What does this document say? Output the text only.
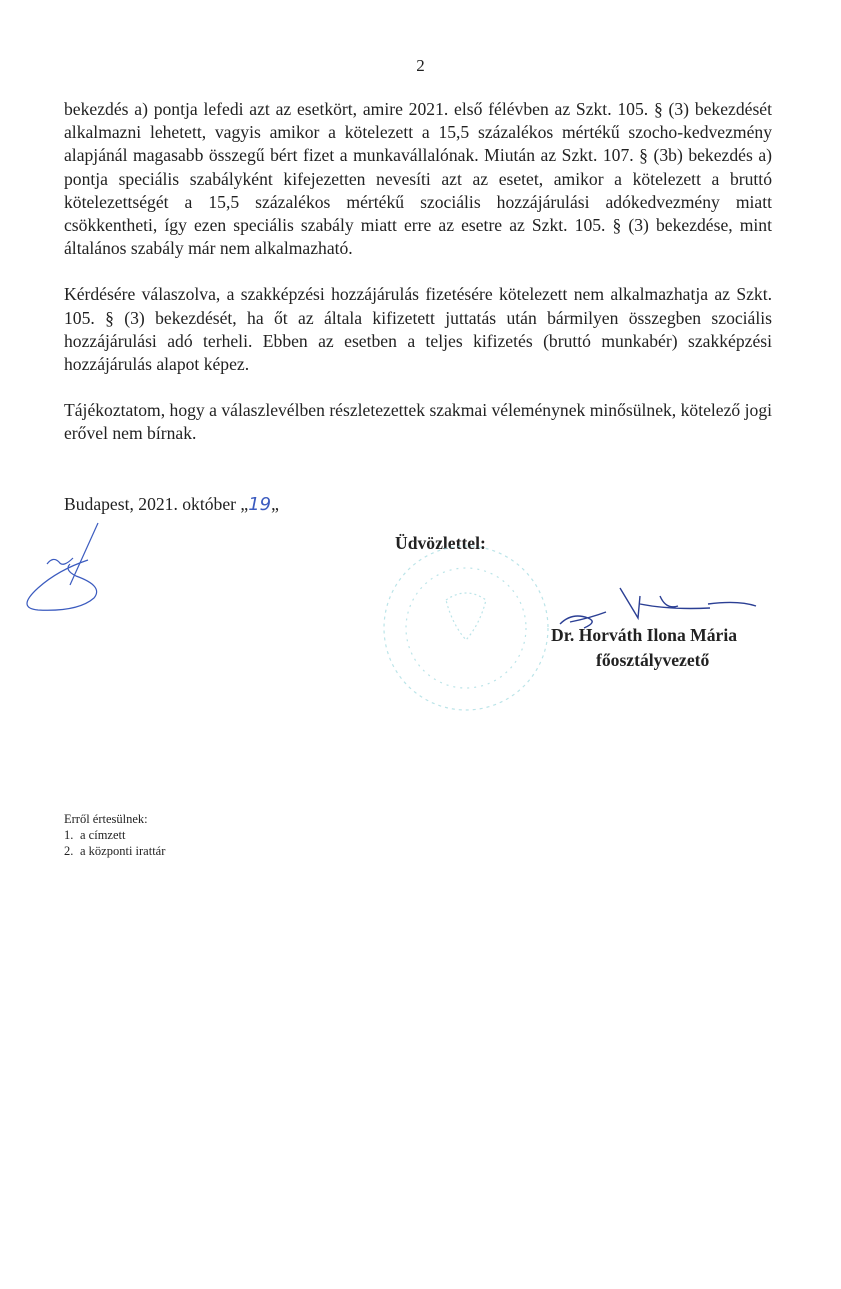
2

bekezdés a) pontja lefedi azt az esetkört, amire 2021. első félévben az Szkt. 105. § (3) bekezdését alkalmazni lehetett, vagyis amikor a kötelezett a 15,5 százalékos mértékű szocho-kedvezmény alapjánál magasabb összegű bért fizet a munkavállalónak. Miután az Szkt. 107. § (3b) bekezdés a) pontja speciális szabályként kifejezetten nevesíti azt az esetet, amikor a kötelezett a bruttó kötelezettségét a 15,5 százalékos mértékű szociális hozzájárulási adókedvezmény miatt csökkentheti, így ezen speciális szabály miatt erre az esetre az Szkt. 105. § (3) bekezdése, mint általános szabály már nem alkalmazható.

Kérdésére válaszolva, a szakképzési hozzájárulás fizetésére kötelezett nem alkalmazhatja az Szkt. 105. § (3) bekezdését, ha őt az általa kifizetett juttatás után bármilyen összegben szociális hozzájárulási adó terheli. Ebben az esetben a teljes kifizetés (bruttó munkabér) szakképzési hozzájárulás alapot képez.

Tájékoztatom, hogy a válaszlevélben részletezettek szakmai véleménynek minősülnek, kötelező jogi erővel nem bírnak.

Budapest, 2021. október „19„
Üdvözlettel:
Dr. Horváth Ilona Mária
főosztályvezető
Erről értesülnek:
1. a címzett
2. a központi irattár
